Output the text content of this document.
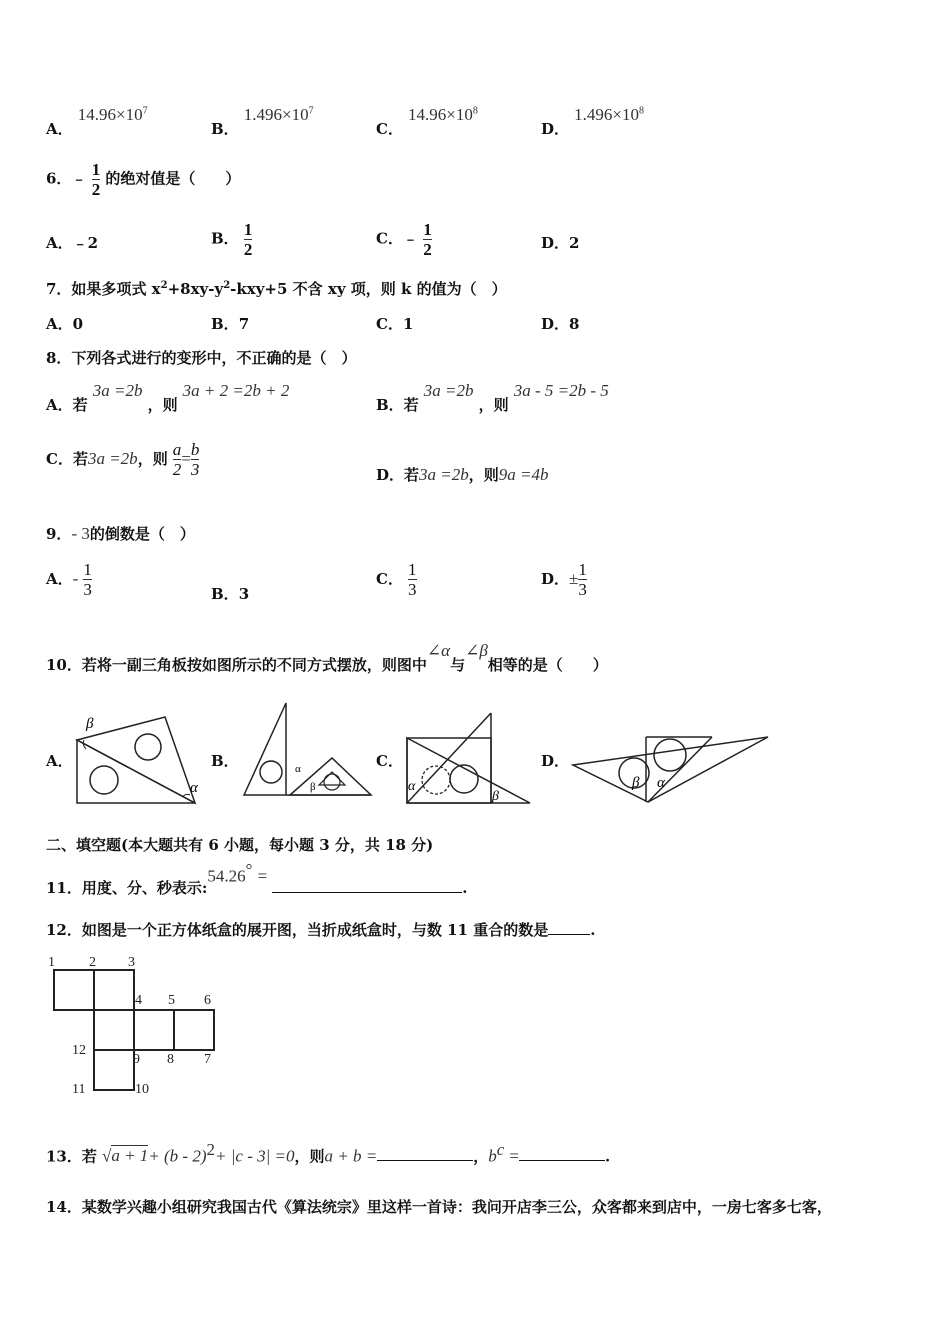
A． $14.96\times 10^7$
B． $1.496\times 10^7$
C． $14.96\times 10^8$
D． $1.496\times 10^8$
6．﹣ $\frac{1}{2}$ 的绝对值是（　　）
A．﹣2	B． $\frac{1}{2}$	C．﹣ $\frac{1}{2}$	D．2
7．如果多项式 $x^2+8xy-y^2-kxy+5$ 不含 xy 项，则 k 的值为（　）
A．0	B．7	C．1	D．8
8．下列各式进行的变形中，不正确的是（　）
A．若 3a =2b ，则 3a + 2 =2b + 2
B．若 3a =2b ，则 3a - 5 =2b - 5
C．若3a =2b，则 $\frac{a}{2} = \frac{b}{3}$	D．若3a =2b，则9a =4b
9．- 3的倒数是（　）
A．- $\frac{1}{3}$	B．3
C． $\frac{1}{3}$	D．± $\frac{1}{3}$
10．若将一副三角板按如图所示的不同方式摆放，则图中∠α与∠β相等的是（　　）
A．	B．	C．	D．
β
α
α
β	α
β
β α
二、填空题(本大题共有 6 小题，每小题 3 分，共 18 分)
11．用度、分、秒表示:54.26° = .
12．如图是一个正方体纸盒的展开图，当折成纸盒时，与数 11 重合的数是	.
1 2 3
4 5 6
7
8
9
10
11
12
13．若 √a + 1+ (b - 2)$^2$+ |c - 3| =0，则a + b =	，$b^c$ =	.
14．某数学兴趣小组研究我国古代《算法统宗》里这样一首诗：我问开店李三公，众客都来到店中，一房七客多七客，
